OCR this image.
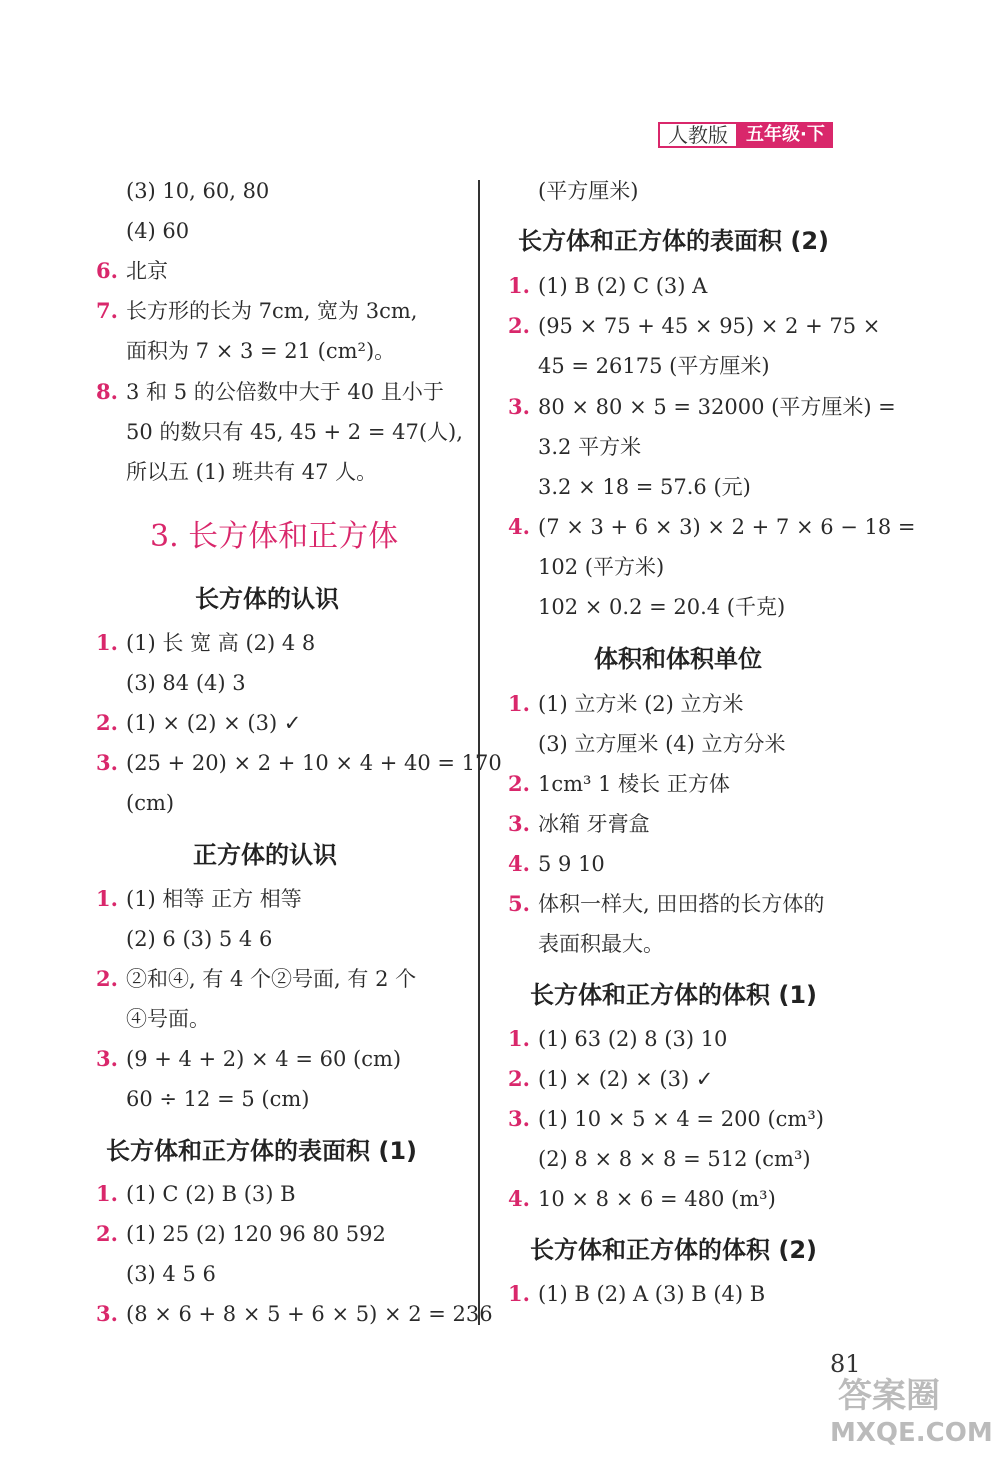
人教版	五年级·下
(3) 10, 60, 80
(4) 60
6. 北京
7. 长方形的长为 7cm, 宽为 3cm,
面积为 7 × 3 = 21 (cm²)。
8. 3 和 5 的公倍数中大于 40 且小于
50 的数只有 45, 45 + 2 = 47(人),
所以五 (1) 班共有 47 人。
3. 长方体和正方体
长方体的认识
1. (1) 长 宽 高 (2) 4 8
(3) 84 (4) 3
2. (1) × (2) × (3) ✓
3. (25 + 20) × 2 + 10 × 4 + 40 = 170
(cm)
正方体的认识
1. (1) 相等 正方 相等
(2) 6 (3) 5 4 6
2. ②和④, 有 4 个②号面, 有 2 个
④号面。
3. (9 + 4 + 2) × 4 = 60 (cm)
60 ÷ 12 = 5 (cm)
长方体和正方体的表面积 (1)
1. (1) C (2) B (3) B
2. (1) 25 (2) 120 96 80 592
(3) 4 5 6
3. (8 × 6 + 8 × 5 + 6 × 5) × 2 = 236
(平方厘米)
长方体和正方体的表面积 (2)
1. (1) B (2) C (3) A
2. (95 × 75 + 45 × 95) × 2 + 75 ×
45 = 26175 (平方厘米)
3. 80 × 80 × 5 = 32000 (平方厘米) =
3.2 平方米
3.2 × 18 = 57.6 (元)
4. (7 × 3 + 6 × 3) × 2 + 7 × 6 − 18 =
102 (平方米)
102 × 0.2 = 20.4 (千克)
体积和体积单位
1. (1) 立方米 (2) 立方米
(3) 立方厘米 (4) 立方分米
2. 1cm³ 1 棱长 正方体
3. 冰箱 牙膏盒
4. 5 9 10
5. 体积一样大, 田田搭的长方体的
表面积最大。
长方体和正方体的体积 (1)
1. (1) 63 (2) 8 (3) 10
2. (1) × (2) × (3) ✓
3. (1) 10 × 5 × 4 = 200 (cm³)
(2) 8 × 8 × 8 = 512 (cm³)
4. 10 × 8 × 6 = 480 (m³)
长方体和正方体的体积 (2)
1. (1) B (2) A (3) B (4) B
81
答案圈
MXQE.COM
